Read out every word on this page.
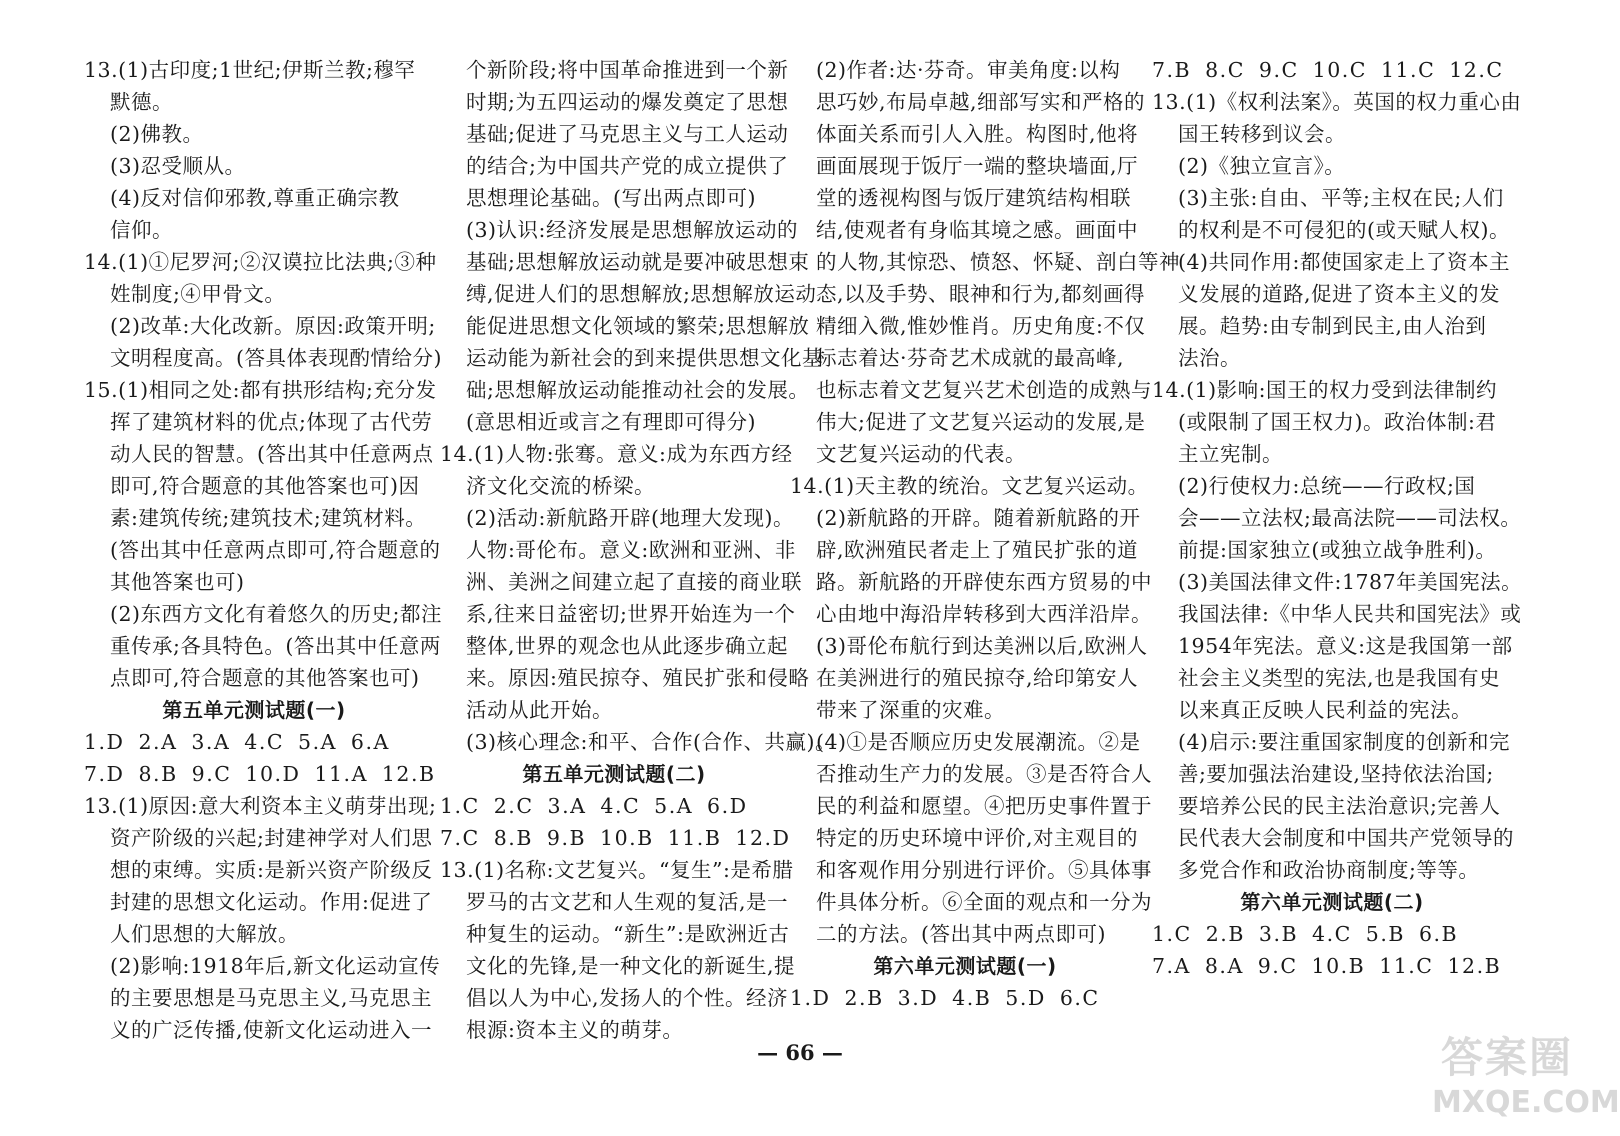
13.(1)古印度;1世纪;伊斯兰教;穆罕

默德。

(2)佛教。

(3)忍受顺从。

(4)反对信仰邪教,尊重正确宗教

信仰。

14.(1)①尼罗河;②汉谟拉比法典;③种

姓制度;④甲骨文。

(2)改革:大化改新。原因:政策开明;

文明程度高。(答具体表现酌情给分)

15.(1)相同之处:都有拱形结构;充分发

挥了建筑材料的优点;体现了古代劳

动人民的智慧。(答出其中任意两点

即可,符合题意的其他答案也可)因

素:建筑传统;建筑技术;建筑材料。

(答出其中任意两点即可,符合题意的

其他答案也可)

(2)东西方文化有着悠久的历史;都注

重传承;各具特色。(答出其中任意两

点即可,符合题意的其他答案也可)

第五单元测试题(一)

1.D 2.A 3.A 4.C 5.A 6.A

7.D 8.B 9.C 10.D 11.A 12.B

13.(1)原因:意大利资本主义萌芽出现;

资产阶级的兴起;封建神学对人们思

想的束缚。实质:是新兴资产阶级反

封建的思想文化运动。作用:促进了

人们思想的大解放。

(2)影响:1918年后,新文化运动宣传

的主要思想是马克思主义,马克思主

义的广泛传播,使新文化运动进入一

个新阶段;将中国革命推进到一个新

时期;为五四运动的爆发奠定了思想

基础;促进了马克思主义与工人运动

的结合;为中国共产党的成立提供了

思想理论基础。(写出两点即可)

(3)认识:经济发展是思想解放运动的

基础;思想解放运动就是要冲破思想束

缚,促进人们的思想解放;思想解放运动

能促进思想文化领域的繁荣;思想解放

运动能为新社会的到来提供思想文化基

础;思想解放运动能推动社会的发展。

(意思相近或言之有理即可得分)

14.(1)人物:张骞。意义:成为东西方经

济文化交流的桥梁。

(2)活动:新航路开辟(地理大发现)。

人物:哥伦布。意义:欧洲和亚洲、非

洲、美洲之间建立起了直接的商业联

系,往来日益密切;世界开始连为一个

整体,世界的观念也从此逐步确立起

来。原因:殖民掠夺、殖民扩张和侵略

活动从此开始。

(3)核心理念:和平、合作(合作、共赢)。

第五单元测试题(二)

1.C 2.C 3.A 4.C 5.A 6.D

7.C 8.B 9.B 10.B 11.B 12.D

13.(1)名称:文艺复兴。“复生”:是希腊

罗马的古文艺和人生观的复活,是一

种复生的运动。“新生”:是欧洲近古

文化的先锋,是一种文化的新诞生,提

倡以人为中心,发扬人的个性。经济

根源:资本主义的萌芽。

(2)作者:达·芬奇。审美角度:以构

思巧妙,布局卓越,细部写实和严格的

体面关系而引人入胜。构图时,他将

画面展现于饭厅一端的整块墙面,厅

堂的透视构图与饭厅建筑结构相联

结,使观者有身临其境之感。画面中

的人物,其惊恐、愤怒、怀疑、剖白等神

态,以及手势、眼神和行为,都刻画得

精细入微,惟妙惟肖。历史角度:不仅

标志着达·芬奇艺术成就的最高峰,

也标志着文艺复兴艺术创造的成熟与

伟大;促进了文艺复兴运动的发展,是

文艺复兴运动的代表。

14.(1)天主教的统治。文艺复兴运动。

(2)新航路的开辟。随着新航路的开

辟,欧洲殖民者走上了殖民扩张的道

路。新航路的开辟使东西方贸易的中

心由地中海沿岸转移到大西洋沿岸。

(3)哥伦布航行到达美洲以后,欧洲人

在美洲进行的殖民掠夺,给印第安人

带来了深重的灾难。

(4)①是否顺应历史发展潮流。②是

否推动生产力的发展。③是否符合人

民的利益和愿望。④把历史事件置于

特定的历史环境中评价,对主观目的

和客观作用分别进行评价。⑤具体事

件具体分析。⑥全面的观点和一分为

二的方法。(答出其中两点即可)

第六单元测试题(一)

1.D 2.B 3.D 4.B 5.D 6.C

7.B 8.C 9.C 10.C 11.C 12.C

13.(1)《权利法案》。英国的权力重心由

国王转移到议会。

(2)《独立宣言》。

(3)主张:自由、平等;主权在民;人们

的权利是不可侵犯的(或天赋人权)。

(4)共同作用:都使国家走上了资本主

义发展的道路,促进了资本主义的发

展。趋势:由专制到民主,由人治到

法治。

14.(1)影响:国王的权力受到法律制约

(或限制了国王权力)。政治体制:君

主立宪制。

(2)行使权力:总统——行政权;国

会——立法权;最高法院——司法权。

前提:国家独立(或独立战争胜利)。

(3)美国法律文件:1787年美国宪法。

我国法律:《中华人民共和国宪法》或

1954年宪法。意义:这是我国第一部

社会主义类型的宪法,也是我国有史

以来真正反映人民利益的宪法。

(4)启示:要注重国家制度的创新和完

善;要加强法治建设,坚持依法治国;

要培养公民的民主法治意识;完善人

民代表大会制度和中国共产党领导的

多党合作和政治协商制度;等等。

第六单元测试题(二)

1.C 2.B 3.B 4.C 5.B 6.B

7.A 8.A 9.C 10.B 11.C 12.B

— 66 —	答案圈
MXQE.COM
